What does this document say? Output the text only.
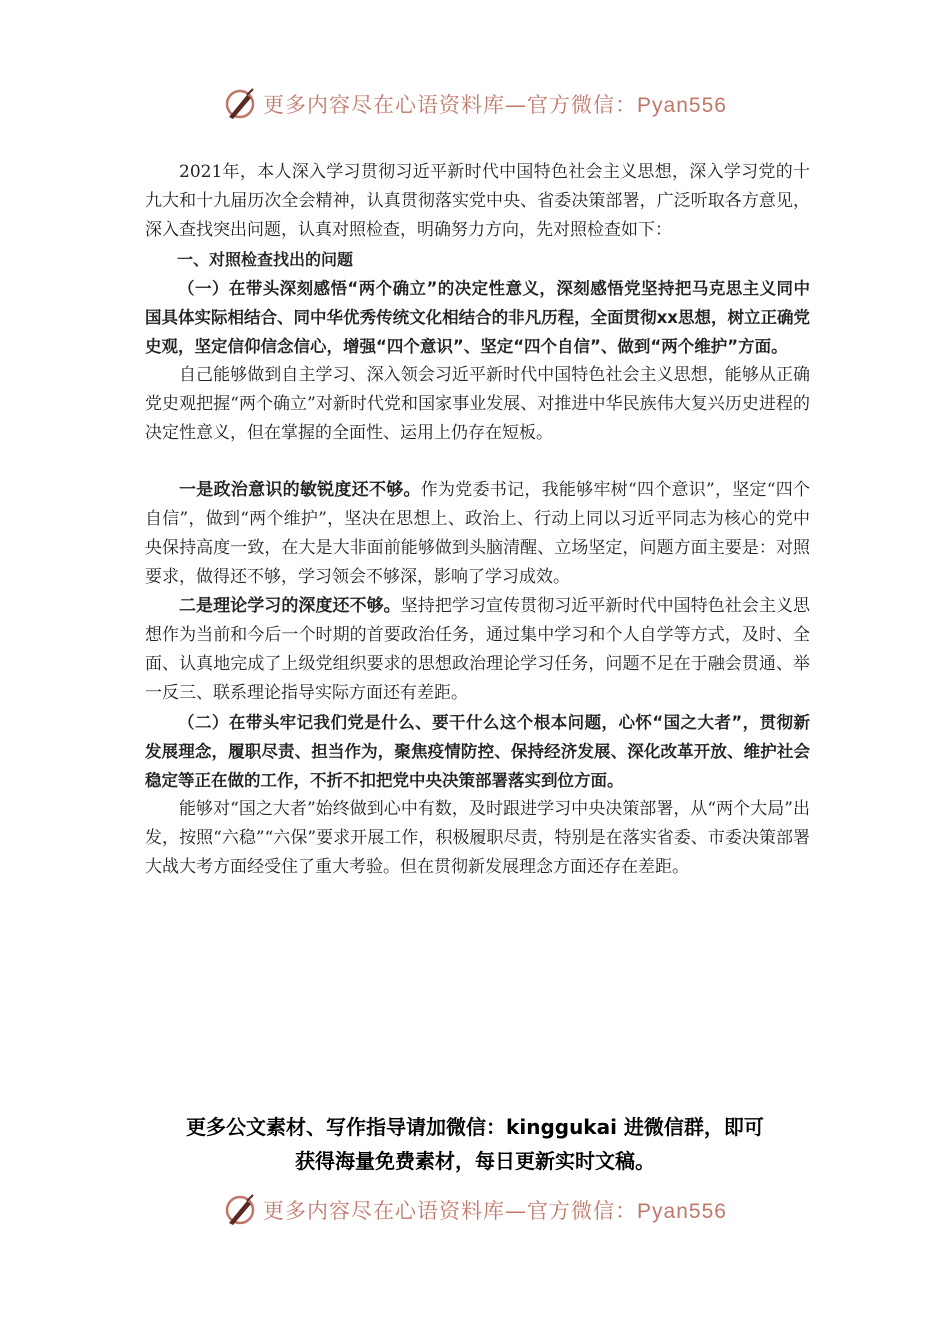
更多内容尽在心语资料库—官方微信：Pyan556

2021年，本人深入学习贯彻习近平新时代中国特色社会主义思想，深入学习党的十九大和十九届历次全会精神，认真贯彻落实党中央、省委决策部署，广泛听取各方意见，深入查找突出问题，认真对照检查，明确努力方向，先对照检查如下：

一、对照检查找出的问题

（一）在带头深刻感悟“两个确立”的决定性意义，深刻感悟党坚持把马克思主义同中国具体实际相结合、同中华优秀传统文化相结合的非凡历程，全面贯彻xx思想，树立正确党史观，坚定信仰信念信心，增强“四个意识”、坚定“四个自信”、做到“两个维护”方面。

自己能够做到自主学习、深入领会习近平新时代中国特色社会主义思想，能够从正确党史观把握“两个确立”对新时代党和国家事业发展、对推进中华民族伟大复兴历史进程的决定性意义，但在掌握的全面性、运用上仍存在短板。

一是政治意识的敏锐度还不够。作为党委书记，我能够牢树“四个意识”，坚定“四个自信”，做到“两个维护”，坚决在思想上、政治上、行动上同以习近平同志为核心的党中央保持高度一致，在大是大非面前能够做到头脑清醒、立场坚定，问题方面主要是：对照要求，做得还不够，学习领会不够深，影响了学习成效。

二是理论学习的深度还不够。坚持把学习宣传贯彻习近平新时代中国特色社会主义思想作为当前和今后一个时期的首要政治任务，通过集中学习和个人自学等方式，及时、全面、认真地完成了上级党组织要求的思想政治理论学习任务，问题不足在于融会贯通、举一反三、联系理论指导实际方面还有差距。

（二）在带头牢记我们党是什么、要干什么这个根本问题，心怀“国之大者”，贯彻新发展理念，履职尽责、担当作为，聚焦疫情防控、保持经济发展、深化改革开放、维护社会稳定等正在做的工作，不折不扣把党中央决策部署落实到位方面。

能够对“国之大者”始终做到心中有数，及时跟进学习中央决策部署，从“两个大局”出发，按照“六稳”“六保”要求开展工作，积极履职尽责，特别是在落实省委、市委决策部署大战大考方面经受住了重大考验。但在贯彻新发展理念方面还存在差距。

更多公文素材、写作指导请加微信：kinggukai 进微信群，即可
获得海量免费素材，每日更新实时文稿。
更多内容尽在心语资料库—官方微信：Pyan556
